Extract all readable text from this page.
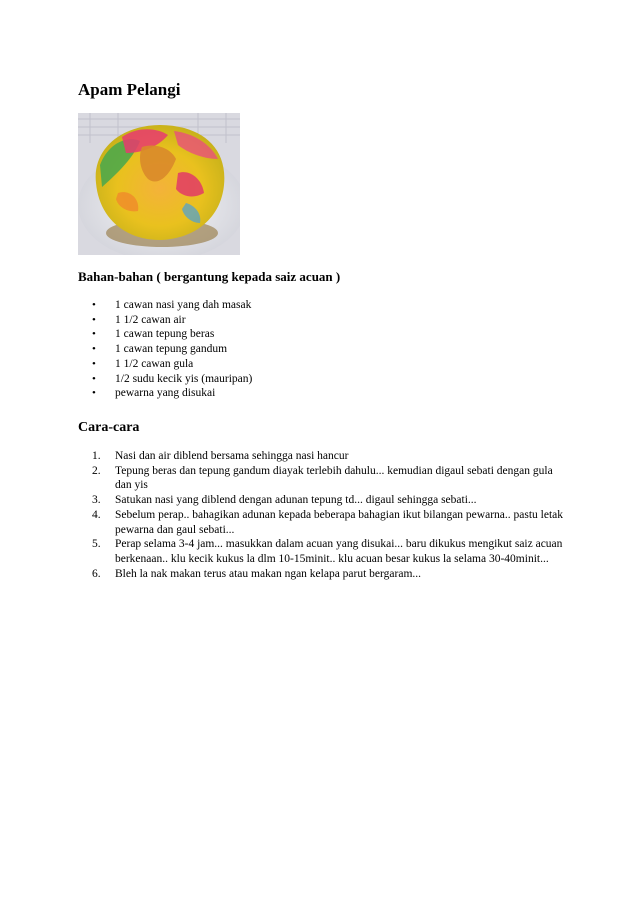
Apam Pelangi
Bahan-bahan ( bergantung kepada saiz acuan )
• 1 cawan nasi yang dah masak
• 1 1/2 cawan air
• 1 cawan tepung beras
• 1 cawan tepung gandum
• 1 1/2 cawan gula
• 1/2 sudu kecik yis (mauripan)
• pewarna yang disukai
Cara-cara
1. Nasi dan air diblend bersama sehingga nasi hancur
2. Tepung beras dan tepung gandum diayak terlebih dahulu... kemudian digaul sebati dengan gula dan yis
3. Satukan nasi yang diblend dengan adunan tepung td... digaul sehingga sebati...
4. Sebelum perap.. bahagikan adunan kepada beberapa bahagian ikut bilangan pewarna.. pastu letak pewarna dan gaul sebati...
5. Perap selama 3-4 jam... masukkan dalam acuan yang disukai... baru dikukus mengikut saiz acuan berkenaan.. klu kecik kukus la dlm 10-15minit.. klu acuan besar kukus la selama 30-40minit...
6. Bleh la nak makan terus atau makan ngan kelapa parut bergaram...
